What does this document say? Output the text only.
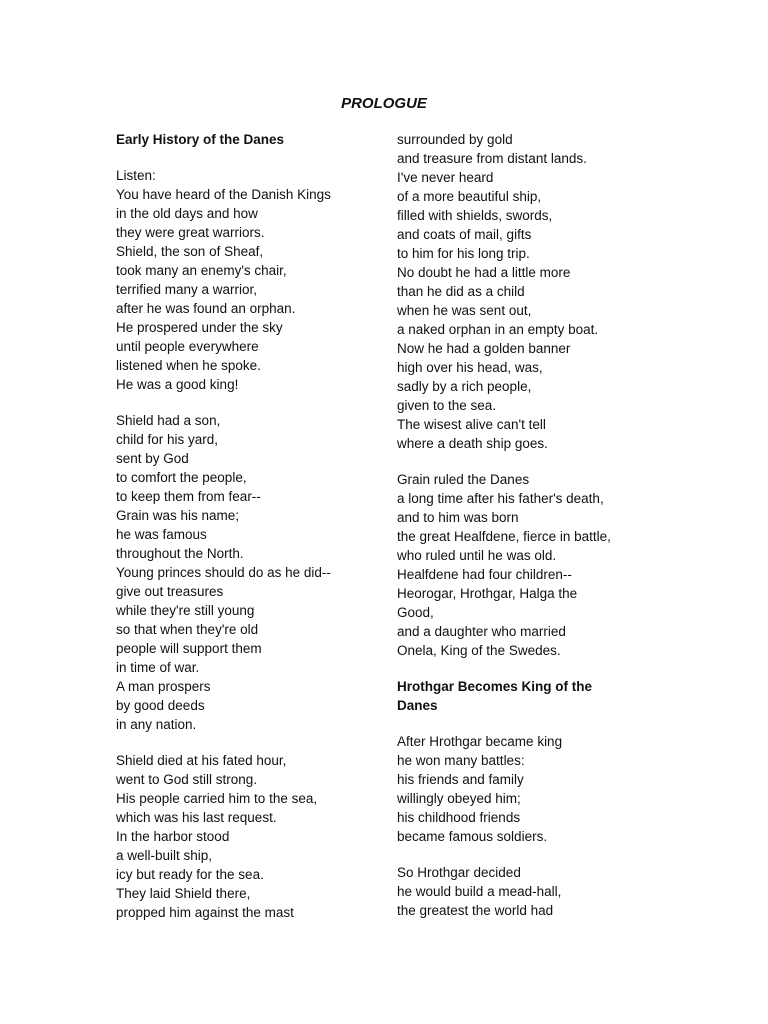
PROLOGUE

Early History of the Danes

Listen:

You have heard of the Danish Kings

in the old days and how

they were great warriors.

Shield, the son of Sheaf,

took many an enemy's chair,

terrified many a warrior,

after he was found an orphan.

He prospered under the sky

until people everywhere

listened when he spoke.

He was a good king!

Shield had a son,

child for his yard,

sent by God

to comfort the people,

to keep them from fear--

Grain was his name;

he was famous

throughout the North.

Young princes should do as he did--

give out treasures

while they're still young

so that when they're old

people will support them

in time of war.

A man prospers

by good deeds

in any nation.

Shield died at his fated hour,

went to God still strong.

His people carried him to the sea,

which was his last request.

In the harbor stood

a well-built ship,

icy but ready for the sea.

They laid Shield there,

propped him against the mast

surrounded by gold

and treasure from distant lands.

I've never heard

of a more beautiful ship,

filled with shields, swords,

and coats of mail, gifts

to him for his long trip.

No doubt he had a little more

than he did as a child

when he was sent out,

a naked orphan in an empty boat.

Now he had a golden banner

high over his head, was,

sadly by a rich people,

given to the sea.

The wisest alive can't tell

where a death ship goes.

Grain ruled the Danes

a long time after his father's death,

and to him was born

the great Healfdene, fierce in battle,

who ruled until he was old.

Healfdene had four children--

Heorogar, Hrothgar, Halga the

Good,

and a daughter who married

Onela, King of the Swedes.

Hrothgar Becomes King of the
Danes

After Hrothgar became king

he won many battles:

his friends and family

willingly obeyed him;

his childhood friends

became famous soldiers.

So Hrothgar decided

he would build a mead-hall,

the greatest the world had
